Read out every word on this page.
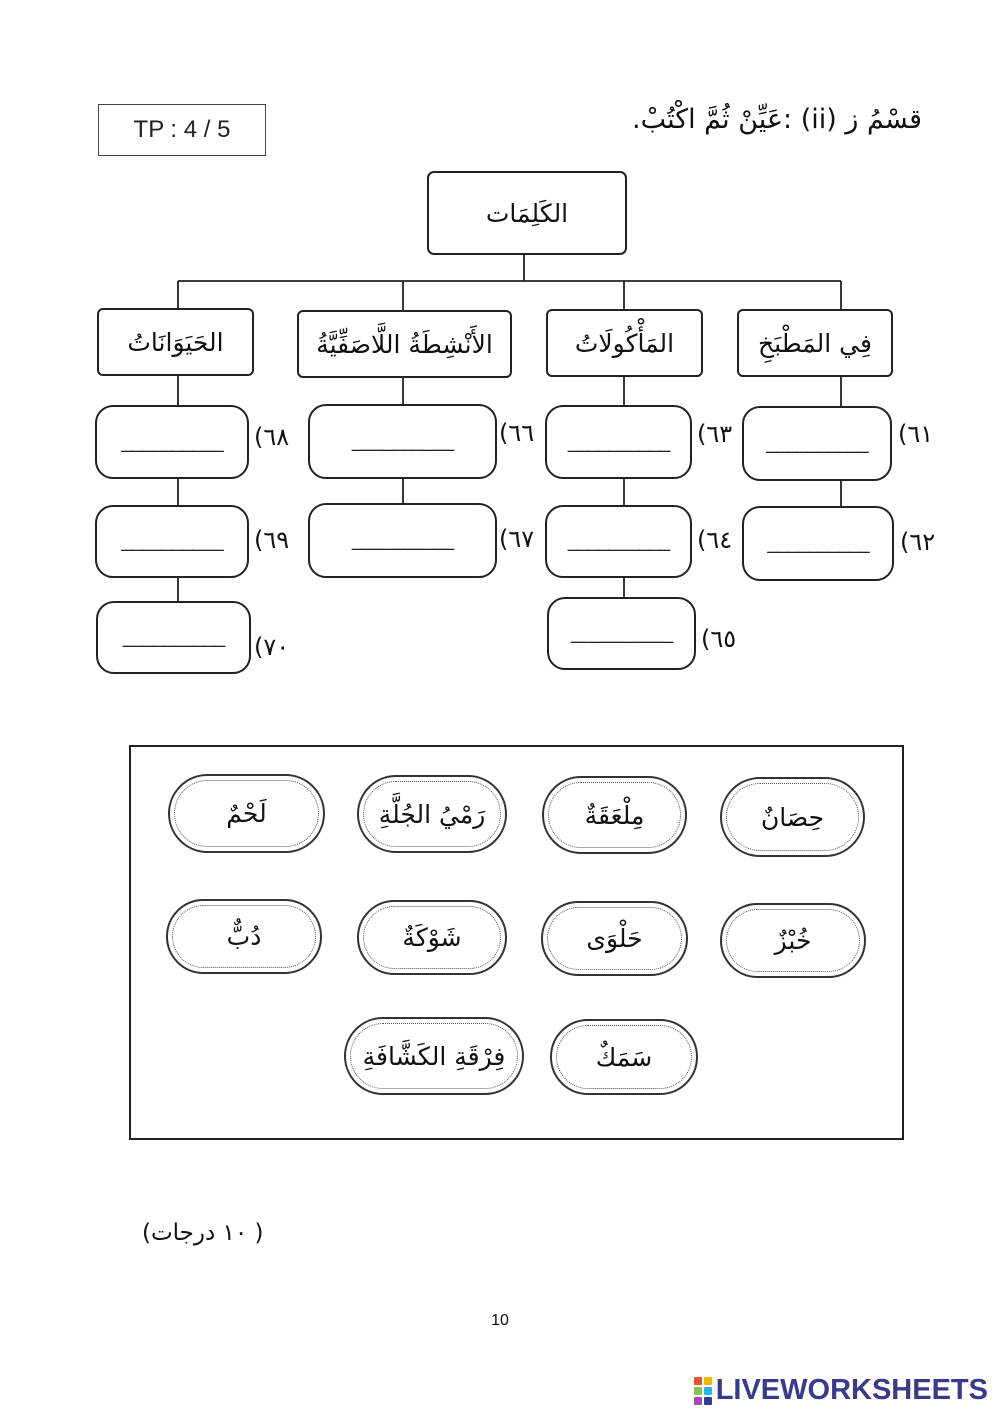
TP : 4 / 5	قسْمُ ز (ii) :عَيِّنْ ثُمَّ اكْتُبْ.
الكَلِمَات
فِي المَطْبَخِ
المَأْكُولَاتُ
الأَنْشِطَةُ اللَّاصَفِّيَّةُ
الحَيَوَانَاتُ
__________ ٦١)
__________ ٦٢)
__________ ٦٣)
__________ ٦٤)
__________ ٦٥)
__________ ٦٦)
__________ ٦٧)
__________ ٦٨)
__________ ٦٩)
__________ ٧٠)
حِصَانٌ
مِلْعَقَةٌ
رَمْيُ الجُلَّةِ
لَحْمٌ
خُبْزٌ
حَلْوَى
شَوْكَةٌ
دُبٌّ
سَمَكٌ
فِرْقَةِ الكَشَّافَةِ
( ١٠ درجات)
10
LIVEWORKSHEETS
